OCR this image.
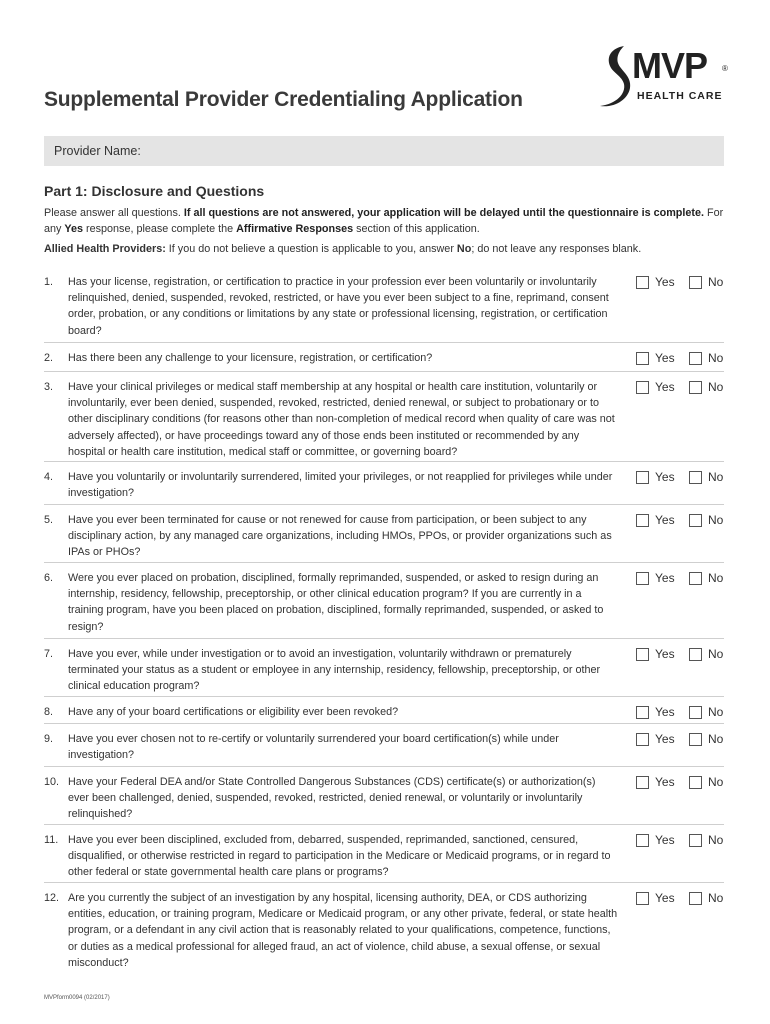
Supplemental Provider Credentialing Application
MVP ®
HEALTH CARE
Provider Name:
Part 1: Disclosure and Questions
Please answer all questions. If all questions are not answered, your application will be delayed until the questionnaire is complete. For any Yes response, please complete the Affirmative Responses section of this application.
Allied Health Providers: If you do not believe a question is applicable to you, answer No; do not leave any responses blank.
1. Has your license, registration, or certification to practice in your profession ever been voluntarily or involuntarily relinquished, denied, suspended, revoked, restricted, or have you ever been subject to a fine, reprimand, consent order, probation, or any conditions or limitations by any state or professional licensing, registration, or certification board?
Yes	No
2. Has there been any challenge to your licensure, registration, or certification?	Yes	No
3. Have your clinical privileges or medical staff membership at any hospital or health care institution, voluntarily or involuntarily, ever been denied, suspended, revoked, restricted, denied renewal, or subject to probationary or to other disciplinary conditions (for reasons other than non-completion of medical record when quality of care was not adversely affected), or have proceedings toward any of those ends been instituted or recommended by any hospital or health care institution, medical staff or committee, or governing board?
Yes	No
4. Have you voluntarily or involuntarily surrendered, limited your privileges, or not reapplied for privileges while under investigation?
Yes	No
5. Have you ever been terminated for cause or not renewed for cause from participation, or been subject to any disciplinary action, by any managed care organizations, including HMOs, PPOs, or provider organizations such as IPAs or PHOs?
Yes	No
6. Were you ever placed on probation, disciplined, formally reprimanded, suspended, or asked to resign during an internship, residency, fellowship, preceptorship, or other clinical education program? If you are currently in a training program, have you been placed on probation, disciplined, formally reprimanded, suspended, or asked to resign?
Yes	No
7. Have you ever, while under investigation or to avoid an investigation, voluntarily withdrawn or prematurely terminated your status as a student or employee in any internship, residency, fellowship, preceptorship, or other clinical education program?
Yes	No
8. Have any of your board certifications or eligibility ever been revoked?	Yes	No
9. Have you ever chosen not to re-certify or voluntarily surrendered your board certification(s) while under investigation?
Yes	No
10. Have your Federal DEA and/or State Controlled Dangerous Substances (CDS) certificate(s) or authorization(s) ever been challenged, denied, suspended, revoked, restricted, denied renewal, or voluntarily or involuntarily relinquished?
Yes	No
11. Have you ever been disciplined, excluded from, debarred, suspended, reprimanded, sanctioned, censured, disqualified, or otherwise restricted in regard to participation in the Medicare or Medicaid programs, or in regard to other federal or state governmental health care plans or programs?
Yes	No
12. Are you currently the subject of an investigation by any hospital, licensing authority, DEA, or CDS authorizing entities, education, or training program, Medicare or Medicaid program, or any other private, federal, or state health program, or a defendant in any civil action that is reasonably related to your qualifications, competence, functions, or duties as a medical professional for alleged fraud, an act of violence, child abuse, a sexual offense, or sexual misconduct?
Yes	No
MVPform0094 (02/2017)
